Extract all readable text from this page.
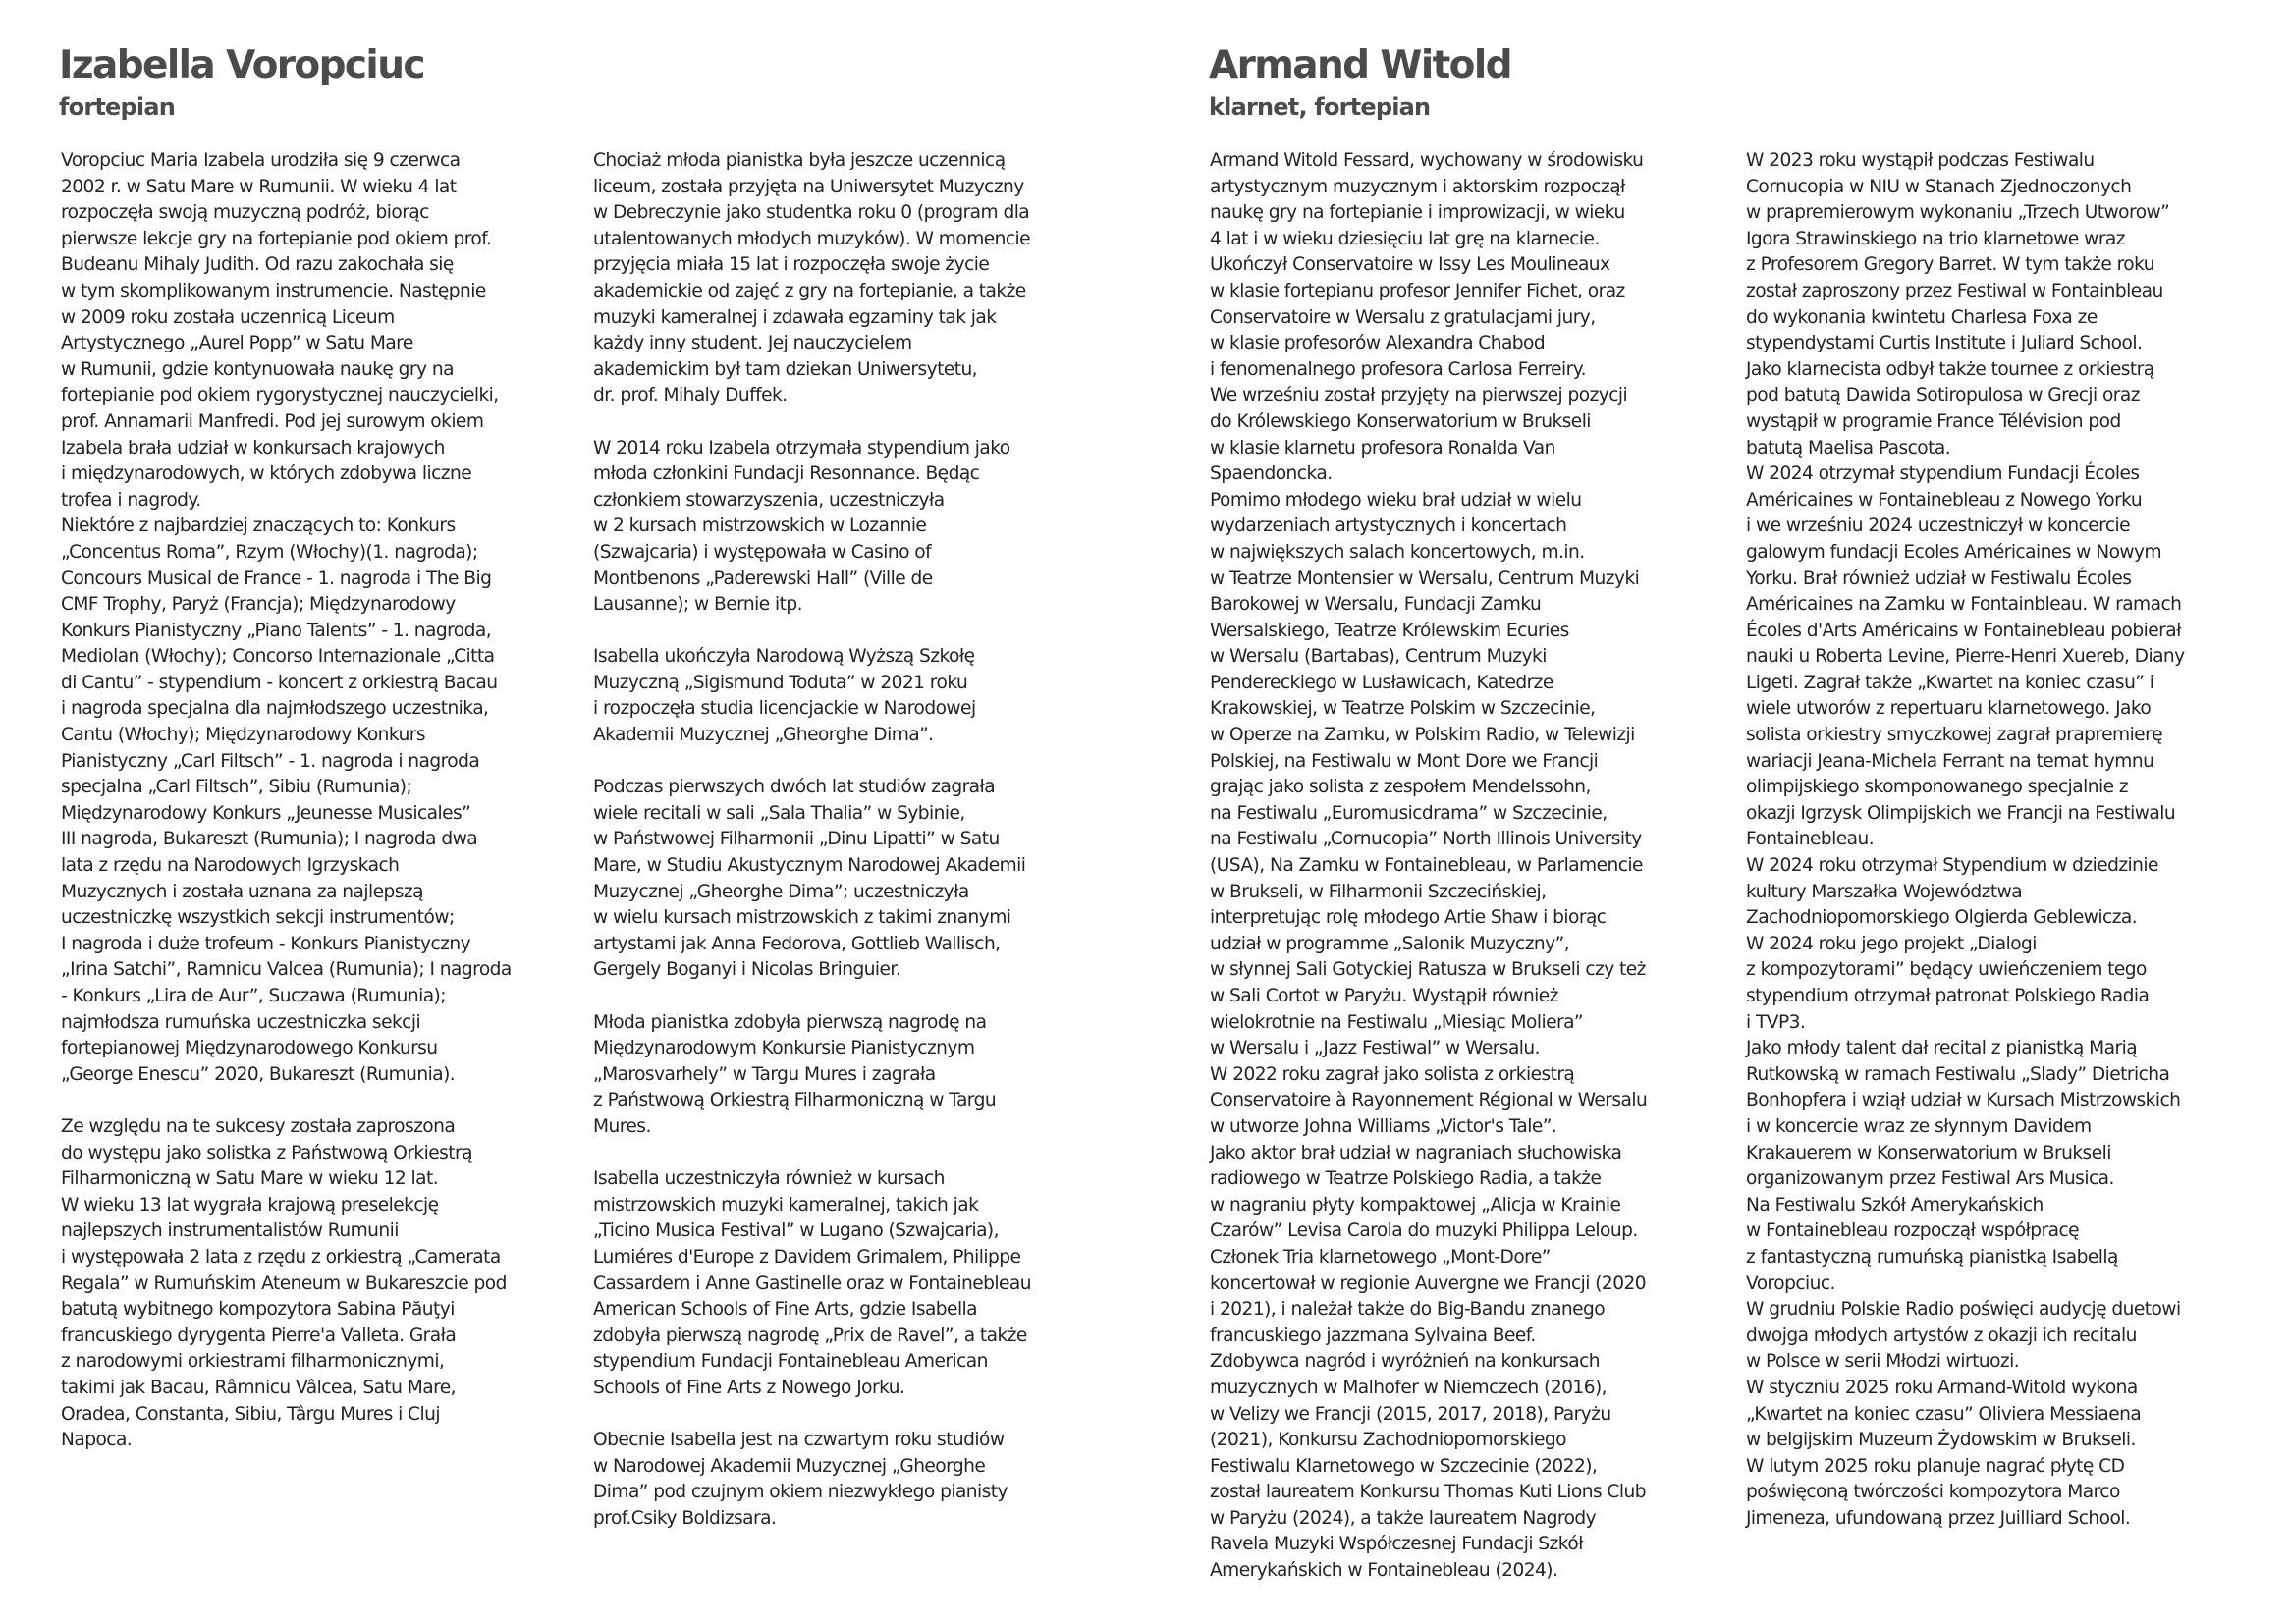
Izabella Voropciuc
fortepian

Voropciuc Maria Izabela urodziła się 9 czerwca
2002 r. w Satu Mare w Rumunii. W wieku 4 lat
rozpoczęła swoją muzyczną podróż, biorąc
pierwsze lekcje gry na fortepianie pod okiem prof.
Budeanu Mihaly Judith. Od razu zakochała się
w tym skomplikowanym instrumencie. Następnie
w 2009 roku została uczennicą Liceum
Artystycznego „Aurel Popp” w Satu Mare
w Rumunii, gdzie kontynuowała naukę gry na
fortepianie pod okiem rygorystycznej nauczycielki,
prof. Annamarii Manfredi. Pod jej surowym okiem
Izabela brała udział w konkursach krajowych
i międzynarodowych, w których zdobywa liczne
trofea i nagrody.
Niektóre z najbardziej znaczących to: Konkurs
„Concentus Roma”, Rzym (Włochy)(1. nagroda);
Concours Musical de France - 1. nagroda i The Big
CMF Trophy, Paryż (Francja); Międzynarodowy
Konkurs Pianistyczny „Piano Talents” - 1. nagroda,
Mediolan (Włochy); Concorso Internazionale „Citta
di Cantu” - stypendium - koncert z orkiestrą Bacau
i nagroda specjalna dla najmłodszego uczestnika,
Cantu (Włochy); Międzynarodowy Konkurs
Pianistyczny „Carl Filtsch” - 1. nagroda i nagroda
specjalna „Carl Filtsch”, Sibiu (Rumunia);
Międzynarodowy Konkurs „Jeunesse Musicales”
III nagroda, Bukareszt (Rumunia); I nagroda dwa
lata z rzędu na Narodowych Igrzyskach
Muzycznych i została uznana za najlepszą
uczestniczkę wszystkich sekcji instrumentów;
I nagroda i duże trofeum - Konkurs Pianistyczny
„Irina Satchi”, Ramnicu Valcea (Rumunia); I nagroda
- Konkurs „Lira de Aur”, Suczawa (Rumunia);
najmłodsza rumuńska uczestniczka sekcji
fortepianowej Międzynarodowego Konkursu
„George Enescu” 2020, Bukareszt (Rumunia).

Ze względu na te sukcesy została zaproszona
do występu jako solistka z Państwową Orkiestrą
Filharmoniczną w Satu Mare w wieku 12 lat.
W wieku 13 lat wygrała krajową preselekcję
najlepszych instrumentalistów Rumunii
i występowała 2 lata z rzędu z orkiestrą „Camerata
Regala” w Rumuńskim Ateneum w Bukareszcie pod
batutą wybitnego kompozytora Sabina Păuţyi
francuskiego dyrygenta Pierre'a Valleta. Grała
z narodowymi orkiestrami filharmonicznymi,
takimi jak Bacau, Râmnicu Vâlcea, Satu Mare,
Oradea, Constanta, Sibiu, Târgu Mures i Cluj
Napoca.

Chociaż młoda pianistka była jeszcze uczennicą
liceum, została przyjęta na Uniwersytet Muzyczny
w Debreczynie jako studentka roku 0 (program dla
utalentowanych młodych muzyków). W momencie
przyjęcia miała 15 lat i rozpoczęła swoje życie
akademickie od zajęć z gry na fortepianie, a także
muzyki kameralnej i zdawała egzaminy tak jak
każdy inny student. Jej nauczycielem
akademickim był tam dziekan Uniwersytetu,
dr. prof. Mihaly Duffek.

W 2014 roku Izabela otrzymała stypendium jako
młoda członkini Fundacji Resonnance. Będąc
członkiem stowarzyszenia, uczestniczyła
w 2 kursach mistrzowskich w Lozannie
(Szwajcaria) i występowała w Casino of
Montbenons „Paderewski Hall” (Ville de
Lausanne); w Bernie itp.

Isabella ukończyła Narodową Wyższą Szkołę
Muzyczną „Sigismund Toduta” w 2021 roku
i rozpoczęła studia licencjackie w Narodowej
Akademii Muzycznej „Gheorghe Dima”.

Podczas pierwszych dwóch lat studiów zagrała
wiele recitali w sali „Sala Thalia” w Sybinie,
w Państwowej Filharmonii „Dinu Lipatti” w Satu
Mare, w Studiu Akustycznym Narodowej Akademii
Muzycznej „Gheorghe Dima”; uczestniczyła
w wielu kursach mistrzowskich z takimi znanymi
artystami jak Anna Fedorova, Gottlieb Wallisch,
Gergely Boganyi i Nicolas Bringuier.

Młoda pianistka zdobyła pierwszą nagrodę na
Międzynarodowym Konkursie Pianistycznym
„Marosvarhely” w Targu Mures i zagrała
z Państwową Orkiestrą Filharmoniczną w Targu
Mures.

Isabella uczestniczyła również w kursach
mistrzowskich muzyki kameralnej, takich jak
„Ticino Musica Festival” w Lugano (Szwajcaria),
Lumiéres d'Europe z Davidem Grimalem, Philippe
Cassardem i Anne Gastinelle oraz w Fontainebleau
American Schools of Fine Arts, gdzie Isabella
zdobyła pierwszą nagrodę „Prix de Ravel”, a także
stypendium Fundacji Fontainebleau American
Schools of Fine Arts z Nowego Jorku.

Obecnie Isabella jest na czwartym roku studiów
w Narodowej Akademii Muzycznej „Gheorghe
Dima” pod czujnym okiem niezwykłego pianisty
prof.Csiky Boldizsara.

Armand Witold
klarnet, fortepian

Armand Witold Fessard, wychowany w środowisku
artystycznym muzycznym i aktorskim rozpoczął
naukę gry na fortepianie i improwizacji, w wieku
4 lat i w wieku dziesięciu lat grę na klarnecie.
Ukończył Conservatoire w Issy Les Moulineaux
w klasie fortepianu profesor Jennifer Fichet, oraz
Conservatoire w Wersalu z gratulacjami jury,
w klasie profesorów Alexandra Chabod
i fenomenalnego profesora Carlosa Ferreiry.
We wrześniu został przyjęty na pierwszej pozycji
do Królewskiego Konserwatorium w Brukseli
w klasie klarnetu profesora Ronalda Van
Spaendoncka.
Pomimo młodego wieku brał udział w wielu
wydarzeniach artystycznych i koncertach
w największych salach koncertowych, m.in.
w Teatrze Montensier w Wersalu, Centrum Muzyki
Barokowej w Wersalu, Fundacji Zamku
Wersalskiego, Teatrze Królewskim Ecuries
w Wersalu (Bartabas), Centrum Muzyki
Pendereckiego w Lusławicach, Katedrze
Krakowskiej, w Teatrze Polskim w Szczecinie,
w Operze na Zamku, w Polskim Radio, w Telewizji
Polskiej, na Festiwalu w Mont Dore we Francji
grając jako solista z zespołem Mendelssohn,
na Festiwalu „Euromusicdrama” w Szczecinie,
na Festiwalu „Cornucopia” North Illinois University
(USA), Na Zamku w Fontainebleau, w Parlamencie
w Brukseli, w Filharmonii Szczecińskiej,
interpretując rolę młodego Artie Shaw i biorąc
udział w programme „Salonik Muzyczny”,
w słynnej Sali Gotyckiej Ratusza w Brukseli czy też
w Sali Cortot w Paryżu. Wystąpił również
wielokrotnie na Festiwalu „Miesiąc Moliera”
w Wersalu i „Jazz Festiwal” w Wersalu.
W 2022 roku zagrał jako solista z orkiestrą
Conservatoire à Rayonnement Régional w Wersalu
w utworze Johna Williams „Victor's Tale”.
Jako aktor brał udział w nagraniach słuchowiska
radiowego w Teatrze Polskiego Radia, a także
w nagraniu płyty kompaktowej „Alicja w Krainie
Czarów” Levisa Carola do muzyki Philippa Leloup.
Członek Tria klarnetowego „Mont-Dore”
koncertował w regionie Auvergne we Francji (2020
i 2021), i należał także do Big-Bandu znanego
francuskiego jazzmana Sylvaina Beef.
Zdobywca nagród i wyróżnień na konkursach
muzycznych w Malhofer w Niemczech (2016),
w Velizy we Francji (2015, 2017, 2018), Paryżu
(2021), Konkursu Zachodniopomorskiego
Festiwalu Klarnetowego w Szczecinie (2022),
został laureatem Konkursu Thomas Kuti Lions Club
w Paryżu (2024), a także laureatem Nagrody
Ravela Muzyki Współczesnej Fundacji Szkół
Amerykańskich w Fontainebleau (2024).

W 2023 roku wystąpił podczas Festiwalu
Cornucopia w NIU w Stanach Zjednoczonych
w prapremierowym wykonaniu „Trzech Utworow”
Igora Strawinskiego na trio klarnetowe wraz
z Profesorem Gregory Barret. W tym także roku
został zaproszony przez Festiwal w Fontainbleau
do wykonania kwintetu Charlesa Foxa ze
stypendystami Curtis Institute i Juliard School.
Jako klarnecista odbył także tournee z orkiestrą
pod batutą Dawida Sotiropulosa w Grecji oraz
wystąpił w programie France Télévision pod
batutą Maelisa Pascota.
W 2024 otrzymał stypendium Fundacji Écoles
Américaines w Fontainebleau z Nowego Yorku
i we wrześniu 2024 uczestniczył w koncercie
galowym fundacji Ecoles Américaines w Nowym
Yorku. Brał również udział w Festiwalu Écoles
Américaines na Zamku w Fontainbleau. W ramach
Écoles d'Arts Américains w Fontainebleau pobierał
nauki u Roberta Levine, Pierre-Henri Xuereb, Diany
Ligeti. Zagrał także „Kwartet na koniec czasu” i
wiele utworów z repertuaru klarnetowego. Jako
solista orkiestry smyczkowej zagrał prapremierę
wariacji Jeana-Michela Ferrant na temat hymnu
olimpijskiego skomponowanego specjalnie z
okazji Igrzysk Olimpijskich we Francji na Festiwalu
Fontainebleau.
W 2024 roku otrzymał Stypendium w dziedzinie
kultury Marszałka Województwa
Zachodniopomorskiego Olgierda Geblewicza.
W 2024 roku jego projekt „Dialogi
z kompozytorami” będący uwieńczeniem tego
stypendium otrzymał patronat Polskiego Radia
i TVP3.
Jako młody talent dał recital z pianistką Marią
Rutkowską w ramach Festiwalu „Slady” Dietricha
Bonhopfera i wziął udział w Kursach Mistrzowskich
i w koncercie wraz ze słynnym Davidem
Krakauerem w Konserwatorium w Brukseli
organizowanym przez Festiwal Ars Musica.
Na Festiwalu Szkół Amerykańskich
w Fontainebleau rozpoczął współpracę
z fantastyczną rumuńską pianistką Isabellą
Voropciuc.
W grudniu Polskie Radio poświęci audycję duetowi
dwojga młodych artystów z okazji ich recitalu
w Polsce w serii Młodzi wirtuozi.
W styczniu 2025 roku Armand-Witold wykona
„Kwartet na koniec czasu” Oliviera Messiaena
w belgijskim Muzeum Żydowskim w Brukseli.
W lutym 2025 roku planuje nagrać płytę CD
poświęconą twórczości kompozytora Marco
Jimeneza, ufundowaną przez Juilliard School.
